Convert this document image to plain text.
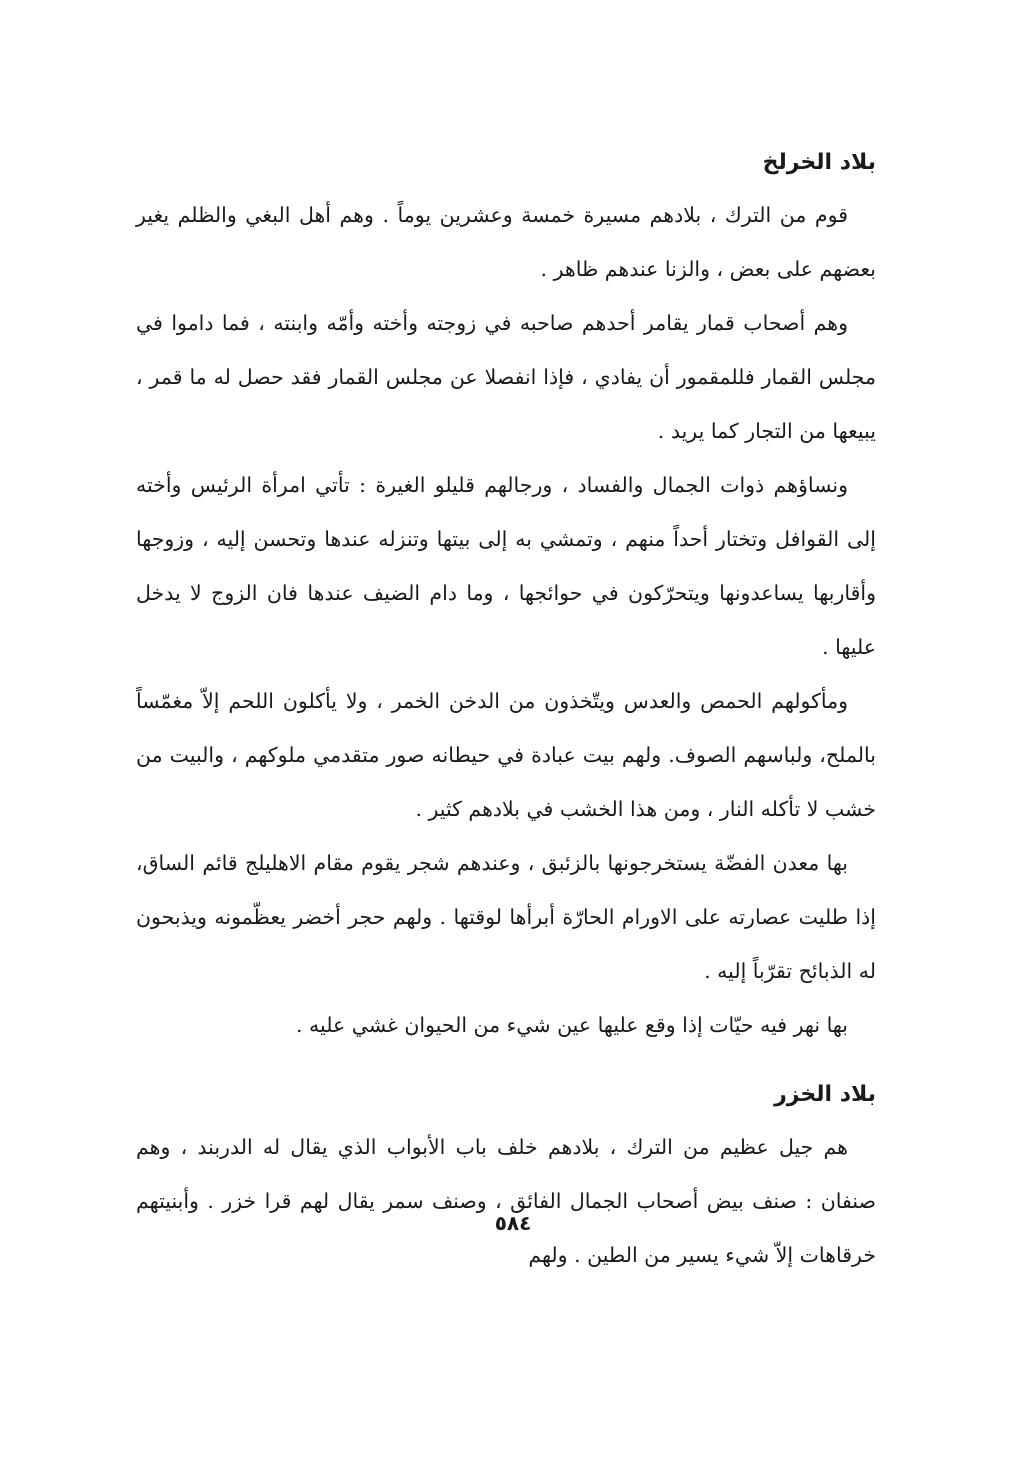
بلاد الخرلخ

قوم من الترك ، بلادهم مسيرة خمسة وعشرين يوماً . وهم أهل البغي والظلم يغير بعضهم على بعض ، والزنا عندهم ظاهر .

وهم أصحاب قمار يقامر أحدهم صاحبه في زوجته وأخته وأمّه وابنته ، فما داموا في مجلس القمار فللمقمور أن يفادي ، فإذا انفصلا عن مجلس القمار فقد حصل له ما قمر ، يبيعها من التجار كما يريد .

ونساؤهم ذوات الجمال والفساد ، ورجالهم قليلو الغيرة : تأتي امرأة الرئيس وأخته إلى القوافل وتختار أحداً منهم ، وتمشي به إلى بيتها وتنزله عندها وتحسن إليه ، وزوجها وأقاربها يساعدونها ويتحرّكون في حوائجها ، وما دام الضيف عندها فان الزوج لا يدخل عليها .

ومأكولهم الحمص والعدس ويتّخذون من الدخن الخمر ، ولا يأكلون اللحم إلاّ مغمّساً بالملح، ولباسهم الصوف. ولهم بيت عبادة في حيطانه صور متقدمي ملوكهم ، والبيت من خشب لا تأكله النار ، ومن هذا الخشب في بلادهم كثير .

بها معدن الفضّة يستخرجونها بالزئبق ، وعندهم شجر يقوم مقام الاهليلج قائم الساق، إذا طليت عصارته على الاورام الحارّة أبرأها لوقتها . ولهم حجر أخضر يعظّمونه ويذبحون له الذبائح تقرّباً إليه .

بها نهر فيه حيّات إذا وقع عليها عين شيء من الحيوان غشي عليه .

بلاد الخزر

هم جيل عظيم من الترك ، بلادهم خلف باب الأبواب الذي يقال له الدربند ، وهم صنفان : صنف بيض أصحاب الجمال الفائق ، وصنف سمر يقال لهم قرا خزر . وأبنيتهم خرقاهات إلاّ شيء يسير من الطين . ولهم

٥٨٤
